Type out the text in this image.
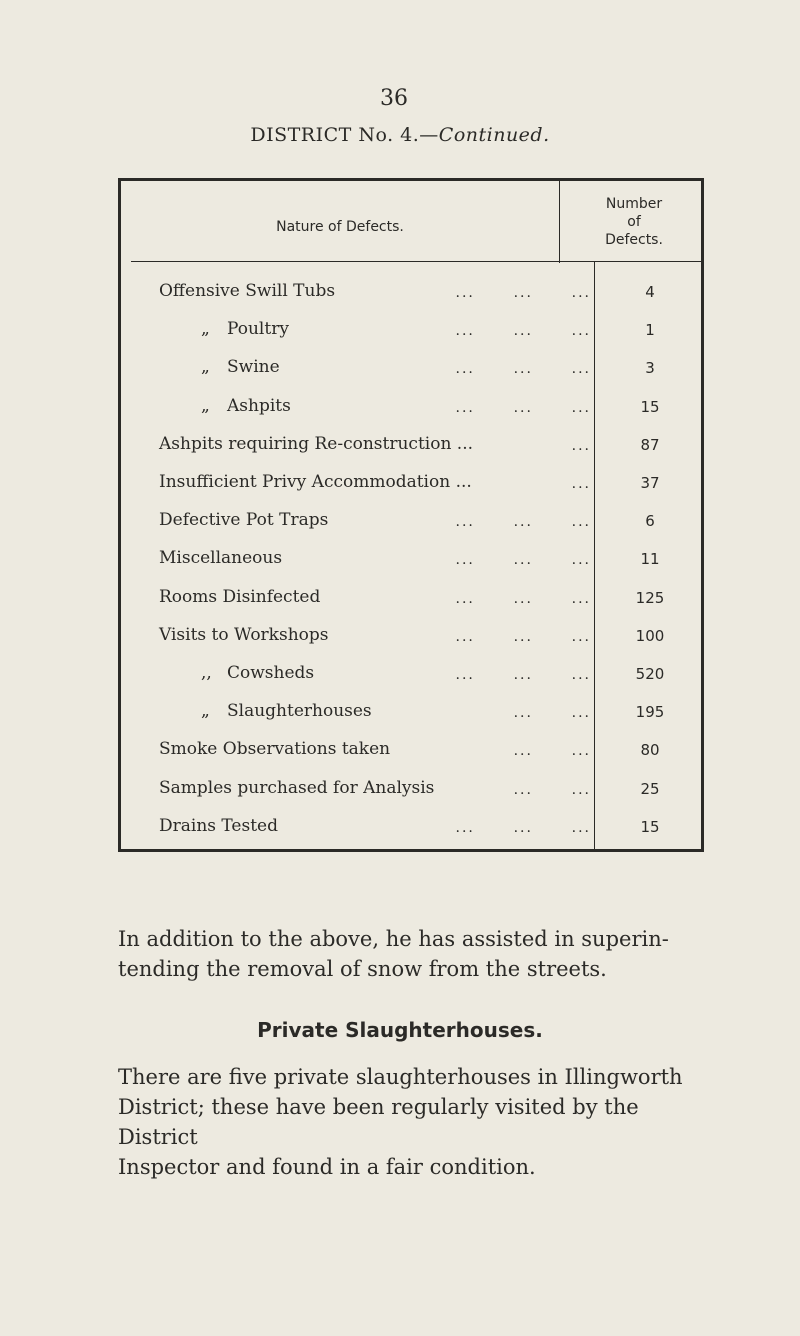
36
DISTRICT No. 4.—Continued.
Nature of Defects.
Number
of
Defects.
Offensive Swill Tubs	...      ...      ...	4
„ Poultry	...      ...      ...	1
„ Swine	...      ...      ...	3
„ Ashpits	...      ...      ...	15
Ashpits requiring Re-construction ...	...	87
Insufficient Privy Accommodation ...	...	37
Defective Pot Traps	...      ...      ...	6
Miscellaneous	...      ...      ...	11
Rooms Disinfected	...      ...      ...	125
Visits to Workshops	...      ...      ...	100
,, Cowsheds	...      ...      ...	520
„ Slaughterhouses	...      ...	195
Smoke Observations taken	...      ...	80
Samples purchased for Analysis	...      ...	25
Drains Tested	...      ...      ...	15
In addition to the above, he has assisted in superin-
tending the removal of snow from the streets.
Private Slaughterhouses.
There are five private slaughterhouses in Illingworth
District; these have been regularly visited by the District
Inspector and found in a fair condition.
